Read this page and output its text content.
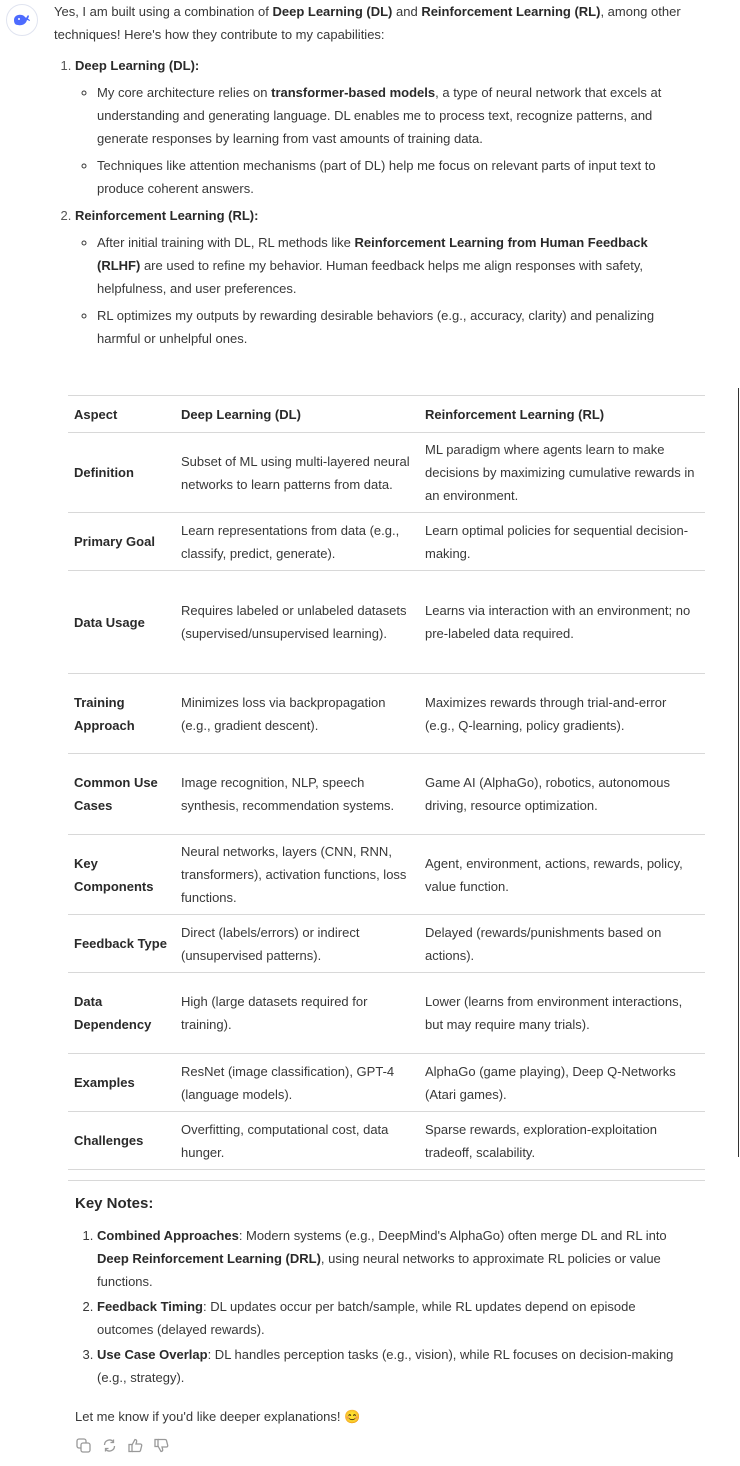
Yes, I am built using a combination of Deep Learning (DL) and Reinforcement Learning (RL), among other techniques! Here's how they contribute to my capabilities:

1. Deep Learning (DL):
◦ My core architecture relies on transformer-based models, a type of neural network that excels at understanding and generating language. DL enables me to process text, recognize patterns, and generate responses by learning from vast amounts of training data.
◦ Techniques like attention mechanisms (part of DL) help me focus on relevant parts of input text to produce coherent answers.
2. Reinforcement Learning (RL):
◦ After initial training with DL, RL methods like Reinforcement Learning from Human Feedback (RLHF) are used to refine my behavior. Human feedback helps me align responses with safety, helpfulness, and user preferences.
◦ RL optimizes my outputs by rewarding desirable behaviors (e.g., accuracy, clarity) and penalizing harmful or unhelpful ones.
Aspect	Deep Learning (DL)	Reinforcement Learning (RL)
Definition	Subset of ML using multi-layered neural networks to learn patterns from data.	ML paradigm where agents learn to make decisions by maximizing cumulative rewards in an environment.
Primary Goal	Learn representations from data (e.g., classify, predict, generate).	Learn optimal policies for sequential decision-making.
Data Usage	Requires labeled or unlabeled datasets (supervised/unsupervised learning).	Learns via interaction with an environment; no pre-labeled data required.
Training Approach	Minimizes loss via backpropagation (e.g., gradient descent).	Maximizes rewards through trial-and-error (e.g., Q-learning, policy gradients).
Common Use Cases	Image recognition, NLP, speech synthesis, recommendation systems.	Game AI (AlphaGo), robotics, autonomous driving, resource optimization.
Key Components	Neural networks, layers (CNN, RNN, transformers), activation functions, loss functions.	Agent, environment, actions, rewards, policy, value function.
Feedback Type	Direct (labels/errors) or indirect (unsupervised patterns).	Delayed (rewards/punishments based on actions).
Data Dependency	High (large datasets required for training).	Lower (learns from environment interactions, but may require many trials).
Examples	ResNet (image classification), GPT-4 (language models).	AlphaGo (game playing), Deep Q-Networks (Atari games).
Challenges	Overfitting, computational cost, data hunger.	Sparse rewards, exploration-exploitation tradeoff, scalability.
Key Notes:
1. Combined Approaches: Modern systems (e.g., DeepMind's AlphaGo) often merge DL and RL into Deep Reinforcement Learning (DRL), using neural networks to approximate RL policies or value functions.
2. Feedback Timing: DL updates occur per batch/sample, while RL updates depend on episode outcomes (delayed rewards).
3. Use Case Overlap: DL handles perception tasks (e.g., vision), while RL focuses on decision-making (e.g., strategy).

Let me know if you'd like deeper explanations! 😊
